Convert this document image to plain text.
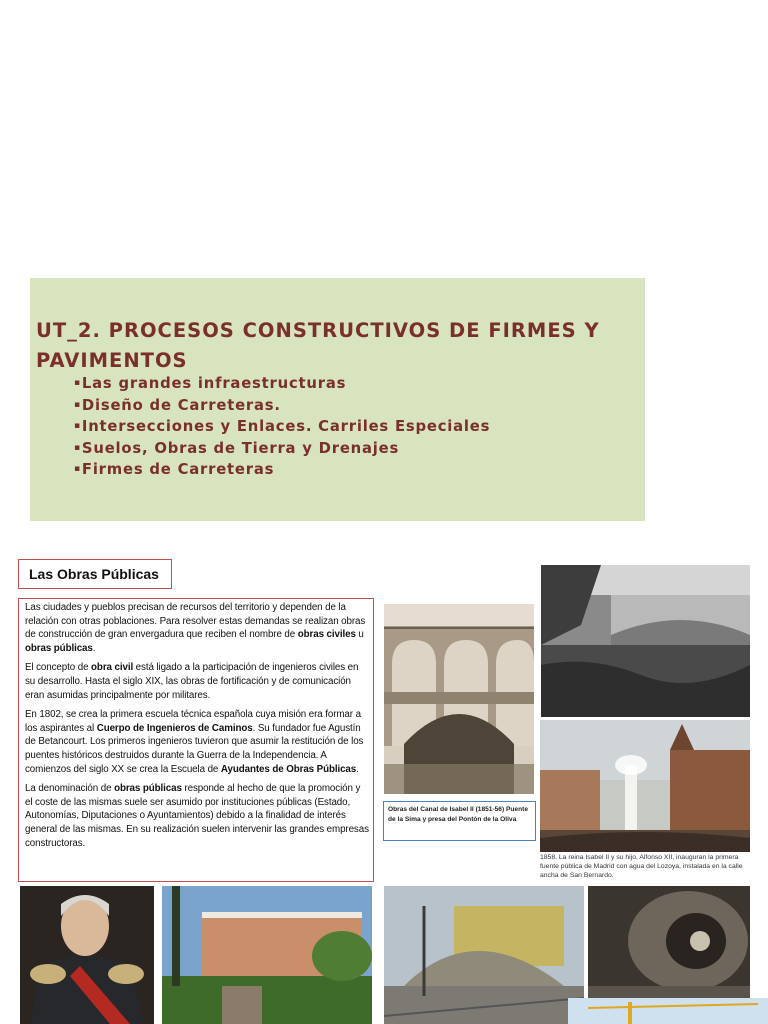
UT_2. PROCESOS CONSTRUCTIVOS DE FIRMES Y PAVIMENTOS
▪Las grandes infraestructuras
▪Diseño de Carreteras.
▪Intersecciones y Enlaces. Carriles Especiales
▪Suelos, Obras de Tierra y Drenajes
▪Firmes de Carreteras
Las Obras Públicas

Las ciudades y pueblos precisan de recursos del territorio y dependen de la relación con otras poblaciones. Para resolver estas demandas se realizan obras de construcción de gran envergadura que reciben el nombre de obras civiles u obras públicas.

El concepto de obra civil está ligado a la participación de ingenieros civiles en su desarrollo. Hasta el siglo XIX, las obras de fortificación y de comunicación eran asumidas principalmente por militares.

En 1802, se crea la primera escuela técnica española cuya misión era formar a los aspirantes al Cuerpo de Ingenieros de Caminos. Su fundador fue Agustín de Betancourt. Los primeros ingenieros tuvieron que asumir la restitución de los puentes históricos destruidos durante la Guerra de la Independencia. A comienzos del siglo XX se crea la Escuela de Ayudantes de Obras Públicas.

La denominación de obras públicas responde al hecho de que la promoción y el coste de las mismas suele ser asumido por instituciones públicas (Estado, Autonomías, Diputaciones o Ayuntamientos) debido a la finalidad de interés general de las mismas. En su realización suelen intervenir las grandes empresas constructoras.

Obras del Canal de Isabel II (1851-56) Puente de la Sima y presa del Pontón de la Oliva
1858. La reina Isabel II y su hijo, Alfonso XII, inauguran la primera fuente pública de Madrid con agua del Lozoya, instalada en la calle ancha de San Bernardo.
